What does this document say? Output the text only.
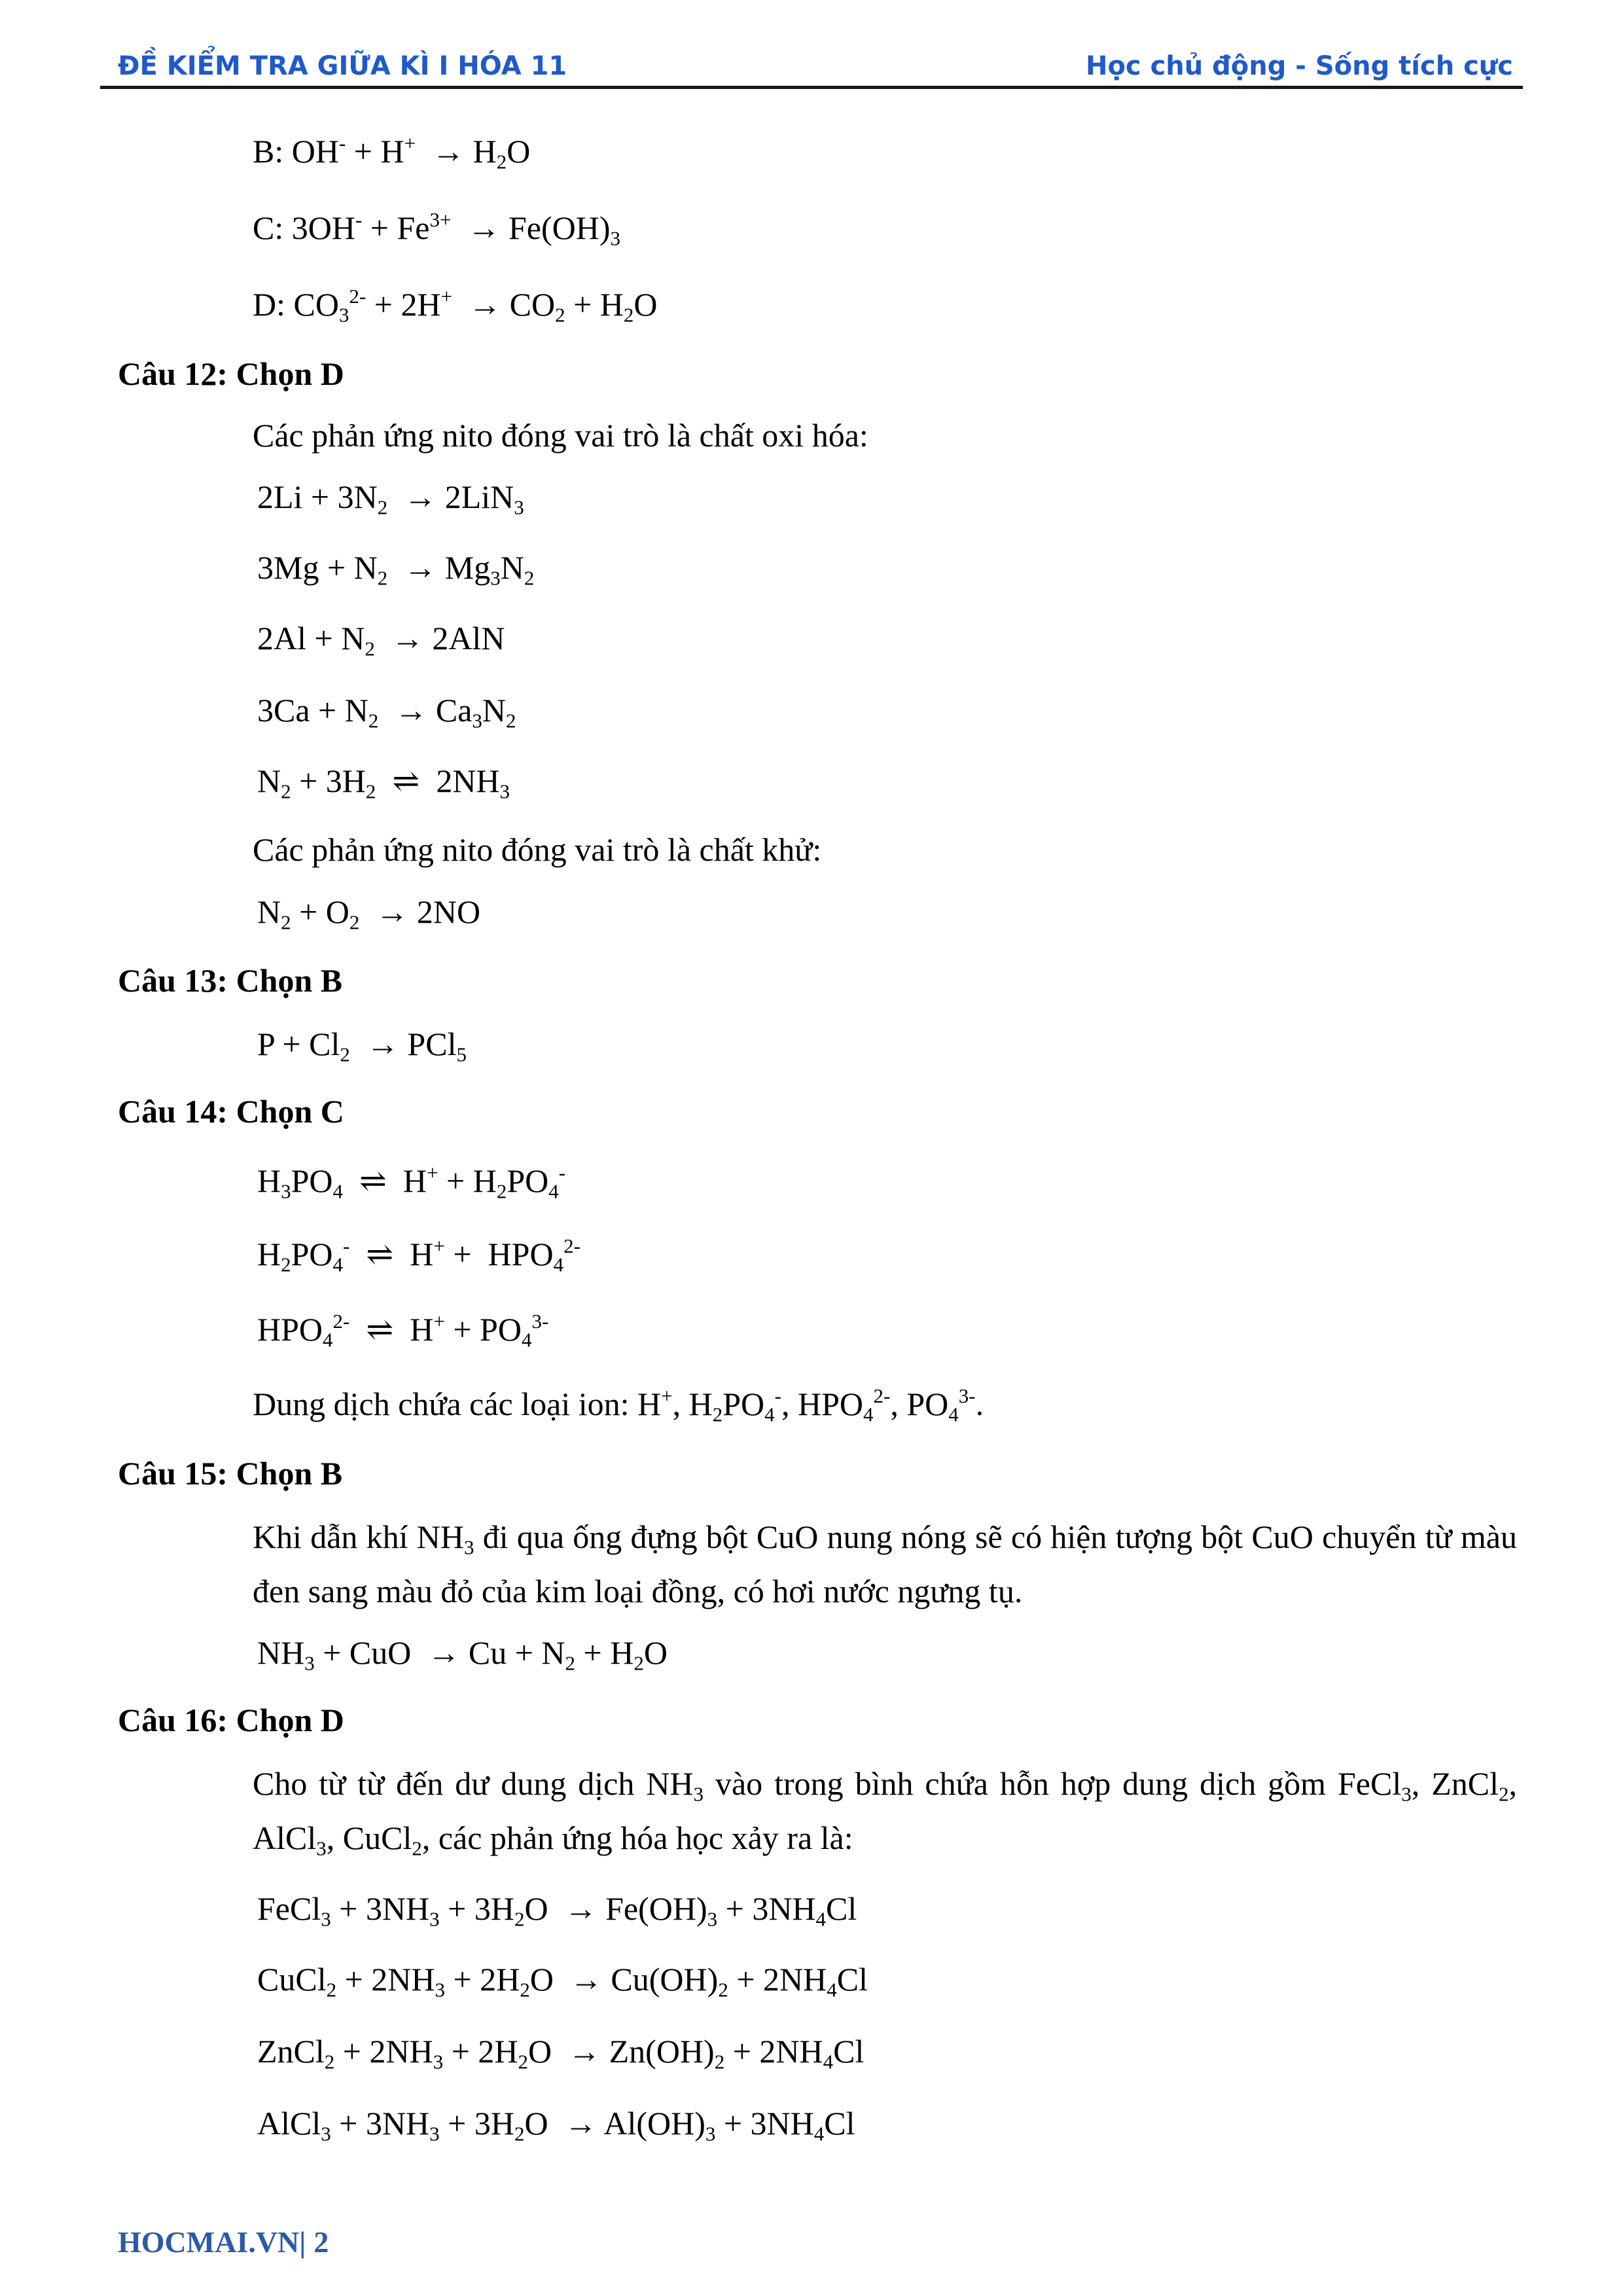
ĐỀ KIỂM TRA GIỮA KÌ I HÓA 11	Học chủ động - Sống tích cực
B: OH- + H+  → H2O
C: $3OH^- + Fe^{3+} \to Fe(OH)3$
D: $CO3^{2-} + 2H^+ \to CO2 + H2O$
Câu 12: Chọn D
Các phản ứng nito đóng vai trò là chất oxi hóa:
2Li + 3N2  → 2LiN3
3Mg + N2  → Mg3N2
2Al + N2  → 2AlN
3Ca + N2  → Ca3N2
N2 + 3H2  ⇌  2NH3
Các phản ứng nito đóng vai trò là chất khử:
N2 + O2  → 2NO
Câu 13: Chọn B
P + Cl2  → PCl5
Câu 14: Chọn C
H3PO4  ⇌  H+ + H2PO4-
H2PO4-  ⇌  $H^+ + HPO4^{2-}$
$HPO4^{2-}$  ⇌  $H^+ + PO4^{3-}$
Dung dịch chứa các loại ion: H+, H2PO4-, $HPO4^{2-}$, $PO4^{3-}$.
Câu 15: Chọn B
Khi dẫn khí NH3 đi qua ống đựng bột CuO nung nóng sẽ có hiện tượng bột CuO chuyển từ màu
đen sang màu đỏ của kim loại đồng, có hơi nước ngưng tụ.
NH3 + CuO  → Cu + N2 + H2O
Câu 16: Chọn D
Cho từ từ đến dư dung dịch NH3 vào trong bình chứa hỗn hợp dung dịch gồm FeCl3, ZnCl2,
AlCl3, CuCl2, các phản ứng hóa học xảy ra là:
FeCl3 + 3NH3 + 3H2O  → Fe(OH)3 + 3NH4Cl
CuCl2 + 2NH3 + 2H2O  → Cu(OH)2 + 2NH4Cl
ZnCl2 + 2NH3 + 2H2O  → Zn(OH)2 + 2NH4Cl
AlCl3 + 3NH3 + 3H2O  → Al(OH)3 + 3NH4Cl
HOCMAI.VN| 2
